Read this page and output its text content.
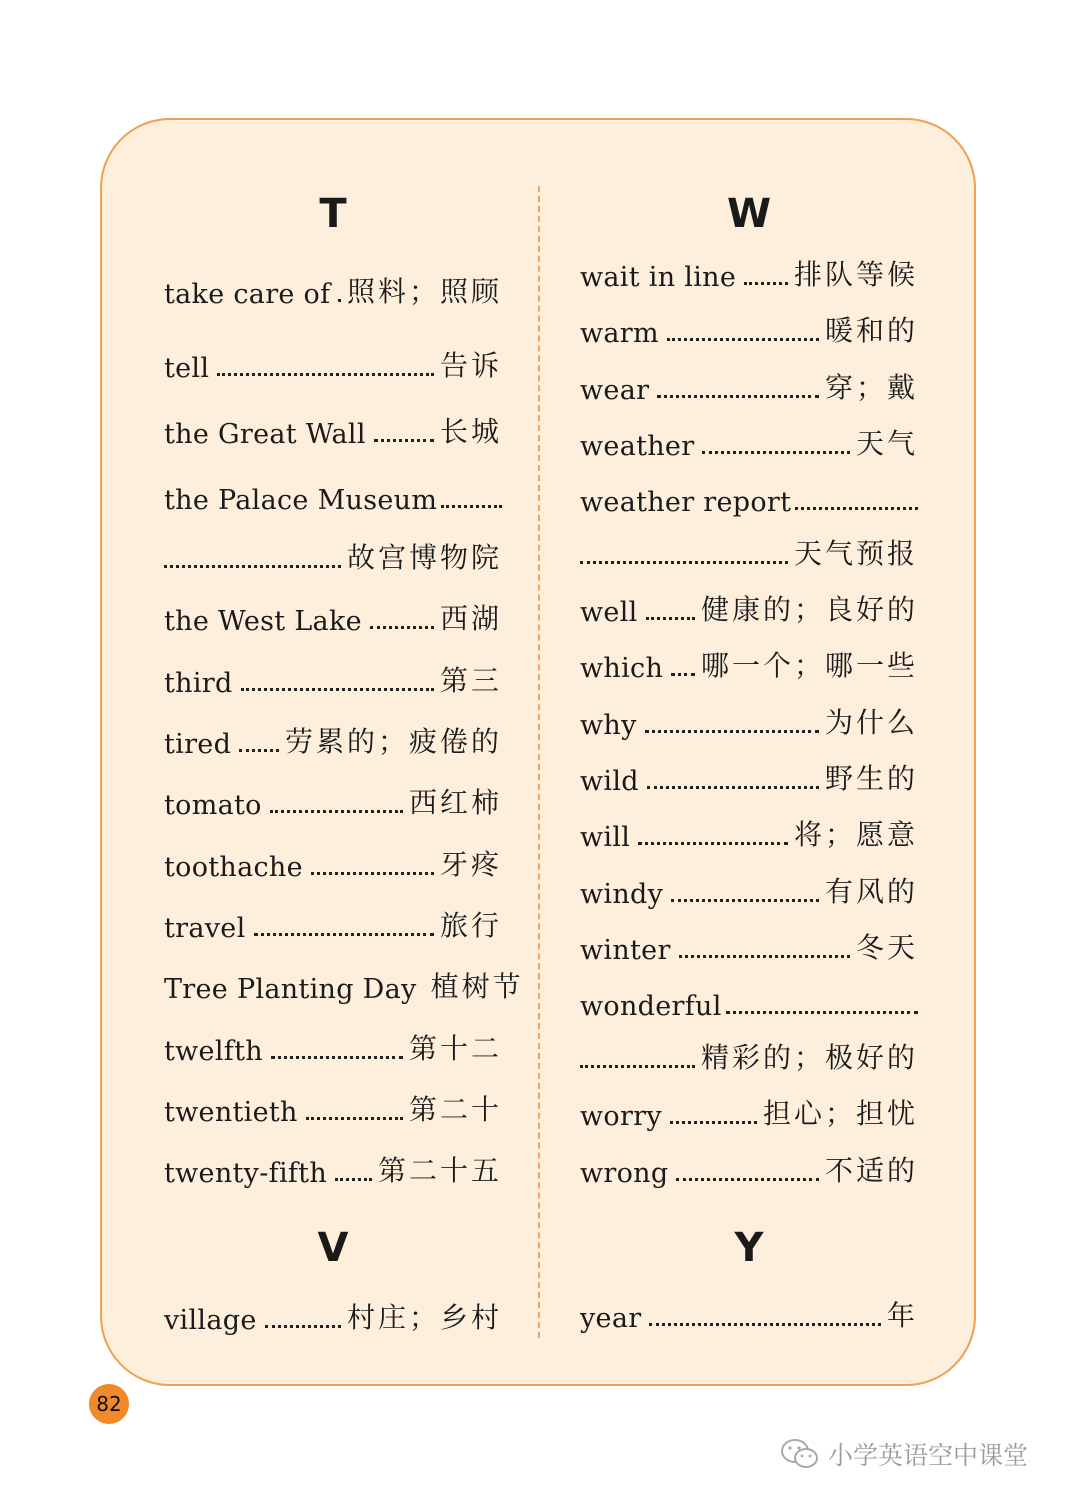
T
take care of 照料；照顾
tell	告诉
the Great Wall	长城
the Palace Museum
故宫博物院
the West Lake	西湖
third	第三
tired 劳累的；疲倦的
tomato	西红柿
toothache	牙疼
travel	旅行
Tree Planting Day 植树节
twelfth	第十二
twentieth	第二十
twenty-fifth 第二十五
V
village	村庄；乡村
W
wait in line 排队等候
warm	暖和的
wear	穿；戴
weather	天气
weather report
天气预报
well 健康的；良好的
which 哪一个；哪一些
why	为什么
wild	野生的
will	将；愿意
windy	有风的
winter	冬天
wonderful
精彩的；极好的
worry	担心；担忧
wrong	不适的
Y
year	年
82
小学英语空中课堂
